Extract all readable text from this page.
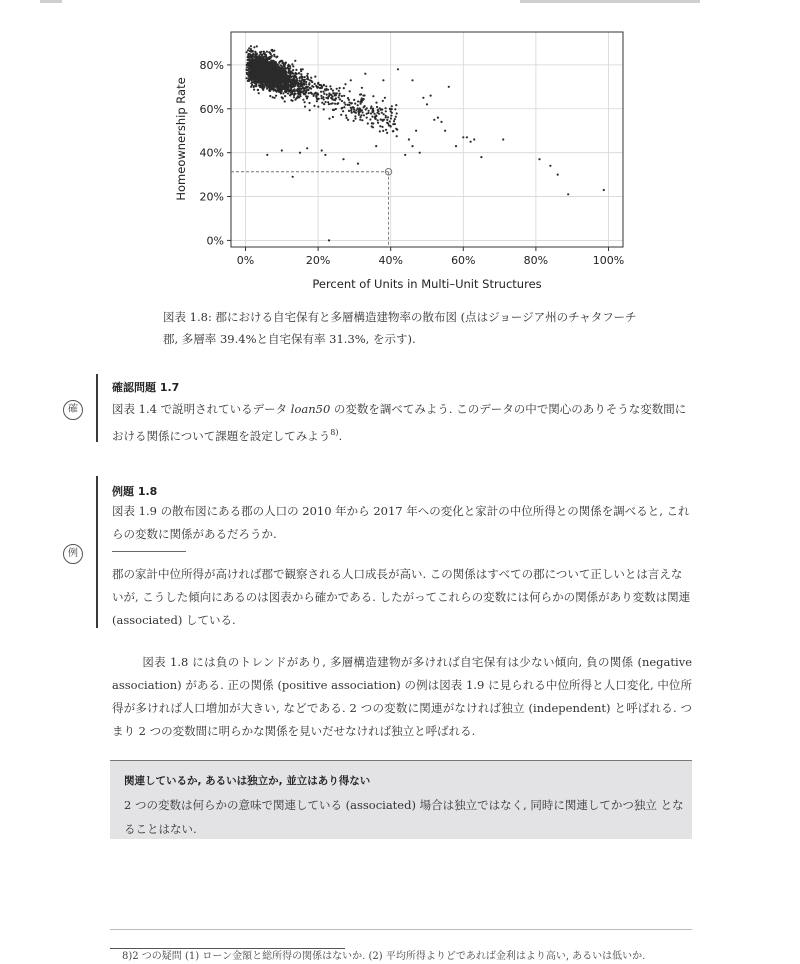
0%	20%	40%	60%	80%	100%
0%
20%
40%
60%
80%
Percent of Units in Multi–Unit Structures
Homeownership Rate
図表 1.8: 郡における自宅保有と多層構造建物率の散布図 (点はジョージア州のチャタフーチ郡, 多層率 39.4%と自宅保有率 31.3%, を示す).
確
確認問題 1.7
図表 1.4 で説明されているデータ loan50 の変数を調べてみよう. このデータの中で関心のありそうな変数間における関係について課題を設定してみよう$^{8)}$.
例
例題 1.8
図表 1.9 の散布図にある郡の人口の 2010 年から 2017 年への変化と家計の中位所得との関係を調べると, これらの変数に関係があるだろうか.
郡の家計中位所得が高ければ郡で観察される人口成長が高い. この関係はすべての郡について正しいとは言えないが, こうした傾向にあるのは図表から確かである. したがってこれらの変数には何らかの関係があり変数は関連 (associated) している.
図表 1.8 には負のトレンドがあり, 多層構造建物が多ければ自宅保有は少ない傾向, 負の関係 (negative association) がある. 正の関係 (positive association) の例は図表 1.9 に見られる中位所得と人口変化, 中位所得が多ければ人口増加が大きい, などである. 2 つの変数に関連がなければ独立 (independent) と呼ばれる. つまり 2 つの変数間に明らかな関係を見いだせなければ独立と呼ばれる.
関連しているか, あるいは独立か, 並立はあり得ない
2 つの変数は何らかの意味で関連している (associated) 場合は独立ではなく, 同時に関連してかつ独立 となることはない.
8)2 つの疑問 (1) ローン金額と総所得の関係はないか. (2) 平均所得よりどであれば金利はより高い, あるいは低いか.
